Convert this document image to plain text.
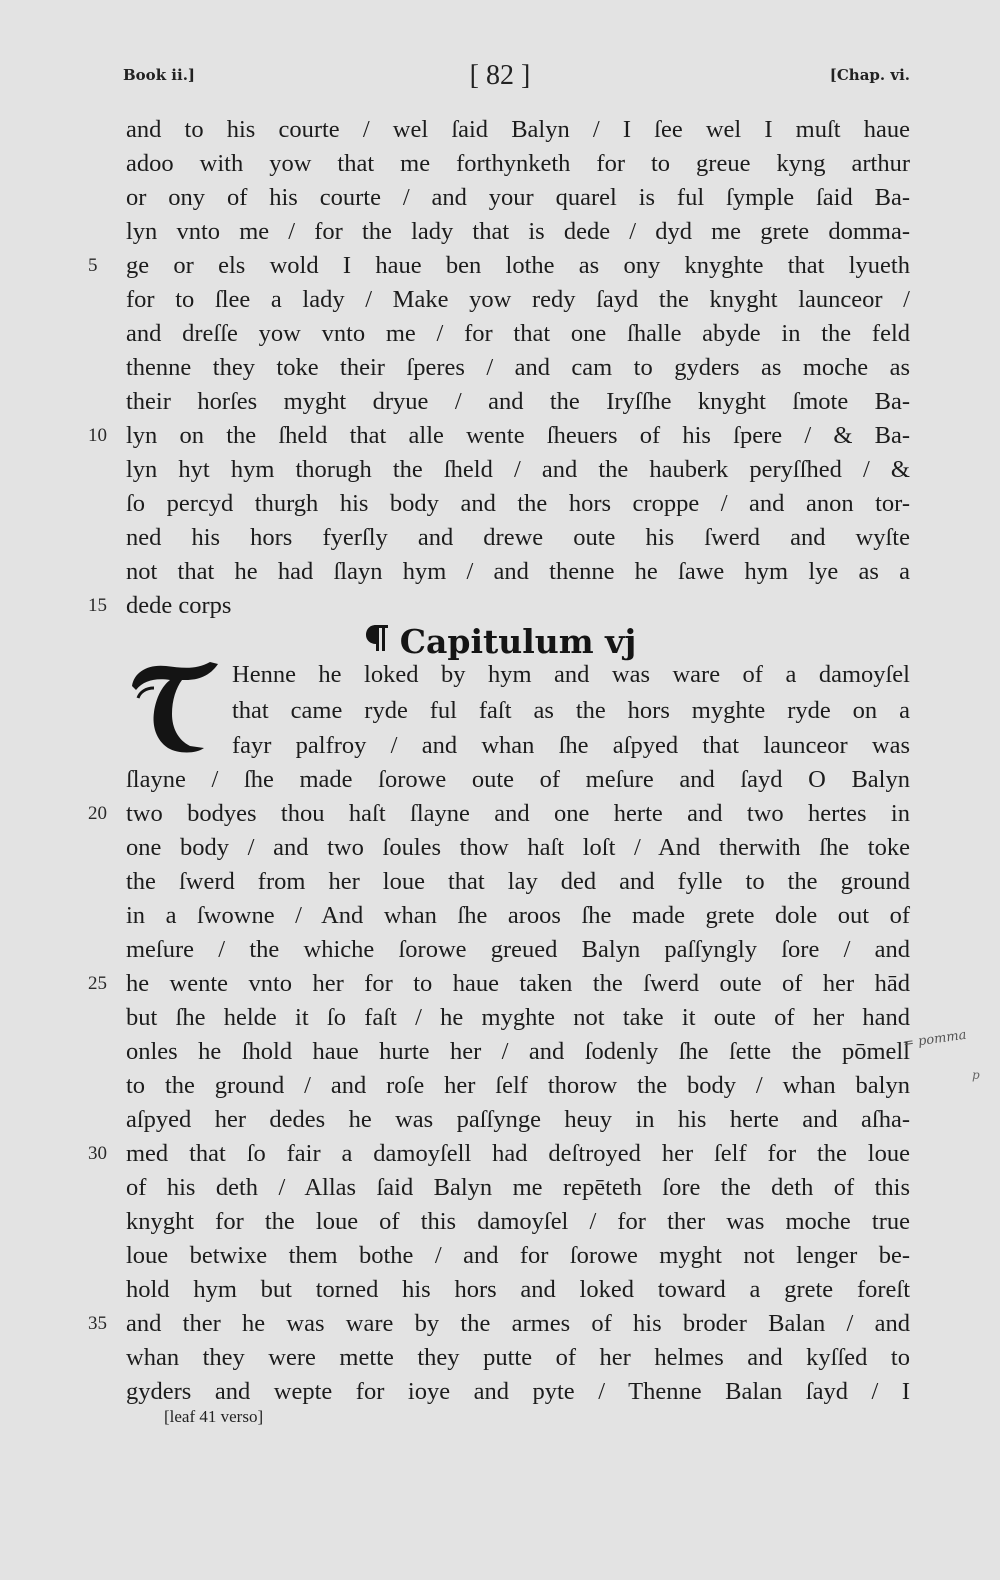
Book ii.]	[ 82 ]	[Chap. vi.
and to his courte / wel ſaid Balyn / I ſee wel I muſt haue
adoo with yow that me forthynketh for to greue kyng arthur
or ony of his courte / and your quarel is ful ſymple ſaid Ba-
lyn vnto me / for the lady that is dede / dyd me grete domma-
ge or els wold I haue ben lothe as ony knyghte that lyueth
for to ſlee a lady / Make yow redy ſayd the knyght launceor /
and dreſſe yow vnto me / for that one ſhalle abyde in the feld
thenne they toke their ſperes / and cam to gyders as moche as
their horſes myght dryue / and the Iryſſhe knyght ſmote Ba-
lyn on the ſheld that alle wente ſheuers of his ſpere / & Ba-
lyn hyt hym thorugh the ſheld / and the hauberk peryſſhed / &
ſo percyd thurgh his body and the hors croppe / and anon tor-
ned his hors fyerſly and drewe oute his ſwerd and wyſte
not that he had ſlayn hym / and thenne he ſawe hym lye as a
dede corps
Capitulum vj
Henne he loked by hym and was ware of a damoyſel
that came ryde ful faſt as the hors myghte ryde on a
fayr palfroy / and whan ſhe aſpyed that launceor was
ſlayne / ſhe made ſorowe oute of meſure and ſayd O Balyn
two bodyes thou haſt ſlayne and one herte and two hertes in
one body / and two ſoules thow haſt loſt / And therwith ſhe toke
the ſwerd from her loue that lay ded and fylle to the ground
in a ſwowne / And whan ſhe aroos ſhe made grete dole out of
meſure / the whiche ſorowe greued Balyn paſſyngly ſore / and
he wente vnto her for to haue taken the ſwerd oute of her hād
but ſhe helde it ſo faſt / he myghte not take it oute of her hand
onles he ſhold haue hurte her / and ſodenly ſhe ſette the pōmell
to the ground / and roſe her ſelf thorow the body / whan balyn
aſpyed her dedes he was paſſynge heuy in his herte and aſha-
med that ſo fair a damoyſell had deſtroyed her ſelf for the loue
of his deth / Allas ſaid Balyn me repēteth ſore the deth of this
knyght for the loue of this damoyſel / for ther was moche true
loue betwixe them bothe / and for ſorowe myght not lenger be-
hold hym but torned his hors and loked toward a grete foreſt
and ther he was ware by the armes of his broder Balan / and
whan they were mette they putte of her helmes and kyſſed to
gyders and wepte for ioye and pyte / Thenne Balan ſayd / I
5
10
15
20
25
30
35
= pomma
p
[leaf 41 verso]
